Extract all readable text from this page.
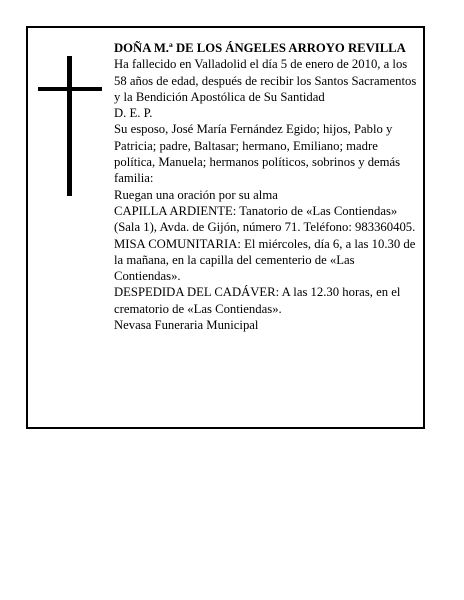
DOÑA M.ª DE LOS ÁNGELES ARROYO REVILLA

Ha fallecido en Valladolid el día 5 de enero de 2010, a los 58 años de edad, después de recibir los Santos Sacramentos y la Bendición Apostólica de Su Santidad

D. E. P.

Su esposo, José María Fernández Egido; hijos, Pablo y Patricia; padre, Baltasar; hermano, Emiliano; madre política, Manuela; hermanos políticos, sobrinos y demás familia:

Ruegan una oración por su alma

CAPILLA ARDIENTE: Tanatorio de «Las Contiendas» (Sala 1), Avda. de Gijón, número 71. Teléfono: 983360405.

MISA COMUNITARIA: El miércoles, día 6, a las 10.30 de la mañana, en la capilla del cementerio de «Las Contiendas».

DESPEDIDA DEL CADÁVER: A las 12.30 horas, en el crematorio de «Las Contiendas».

Nevasa Funeraria Municipal
